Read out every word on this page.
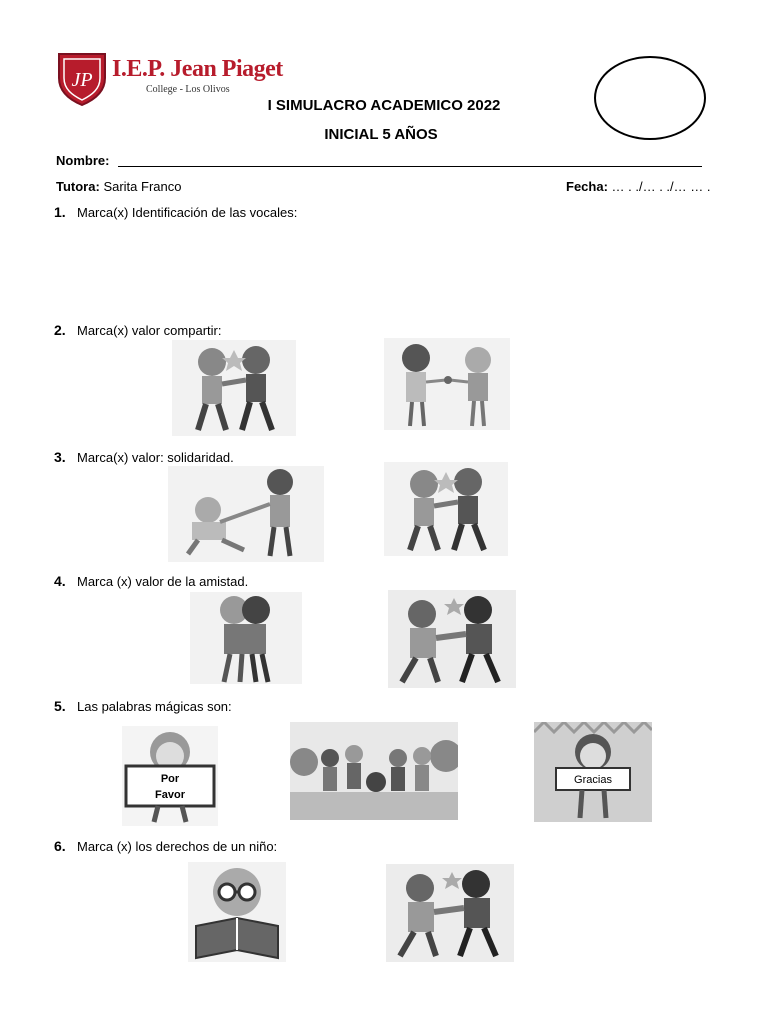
JP I.E.P. Jean Piaget
College - Los Olivos
I SIMULACRO ACADEMICO 2022
INICIAL 5 AÑOS
Nombre:
Tutora: Sarita Franco	Fecha: … . ./… . ./… … .
1. Marca(x) Identificación de las vocales:
2. Marca(x) valor compartir:
3. Marca(x) valor: solidaridad.
4. Marca (x) valor de la amistad.
5. Las palabras mágicas son:
6. Marca (x) los derechos de un niño:
Por
Favor
Gracias
